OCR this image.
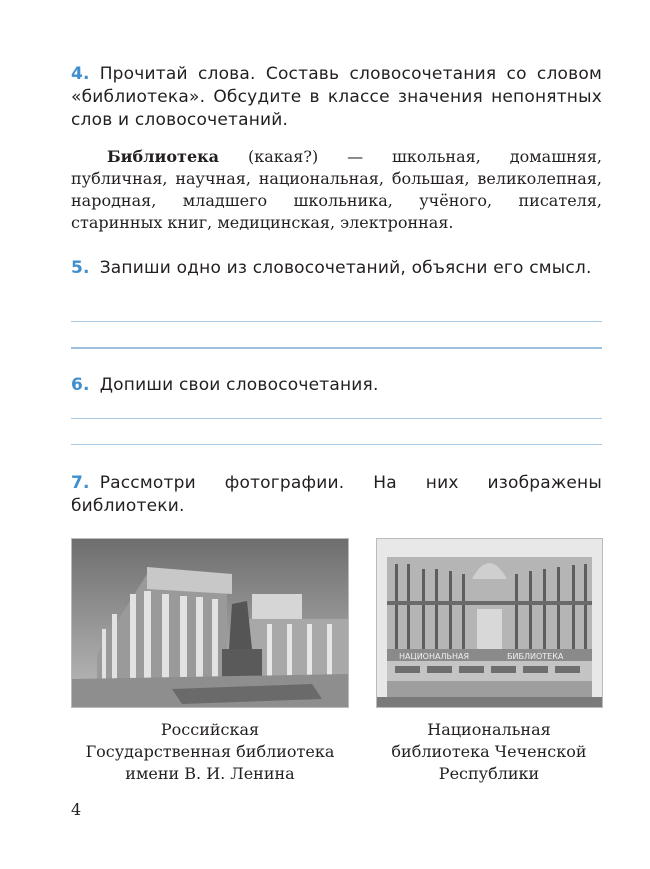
4. Прочитай слова. Составь словосочетания со словом «библиотека». Обсудите в классе значения непонятных слов и словосочетаний.
Библиотека (какая?) — школьная, домашняя, публичная, научная, национальная, большая, великолепная, народная, младшего школьника, учёного, писателя, старинных книг, медицинская, электронная.
5. Запиши одно из словосочетаний, объясни его смысл.
6. Допиши свои словосочетания.
7. Рассмотри фотографии. На них изображены библиотеки.
НАЦИОНАЛЬНАЯ	БИБЛИОТЕКА
Российская
Государственная библиотека
имени В. И. Ленина
Национальная
библиотека Чеченской
Республики
4
